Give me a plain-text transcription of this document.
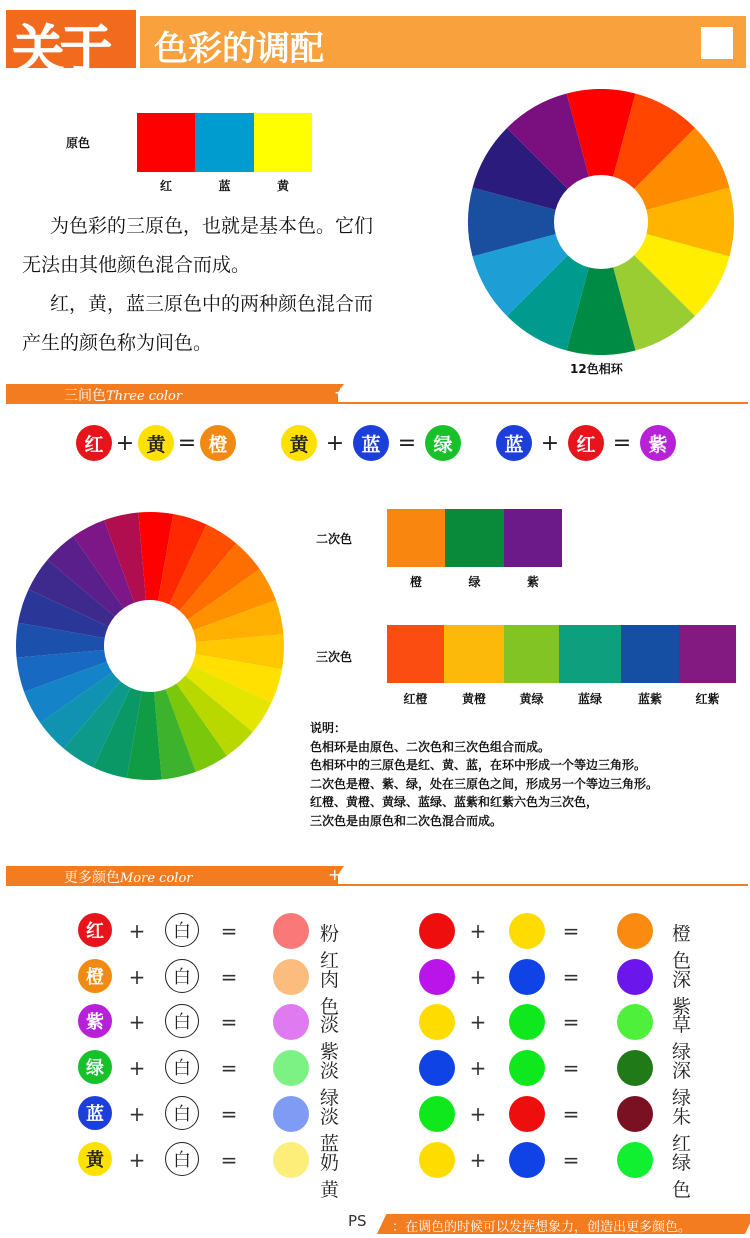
关于 色彩的调配
原色
红	蓝	黄
为色彩的三原色，也就是基本色。它们
无法由其他颜色混合而成。
红，黄，蓝三原色中的两种颜色混合而
产生的颜色称为间色。
12色相环
三间色Three color	+
红 + 黄 = 橙	黄 + 蓝 = 绿	蓝 + 红 = 紫
二次色
橙	绿	紫
三次色
红橙	黄橙	黄绿	蓝绿	蓝紫	红紫
说明：
色相环是由原色、二次色和三次色组合而成。
色相环中的三原色是红、黄、蓝，在环中形成一个等边三角形。
二次色是橙、紫、绿，处在三原色之间，形成另一个等边三角形。
红橙、黄橙、黄绿、蓝绿、蓝紫和红紫六色为三次色，
三次色是由原色和二次色混合而成。
更多颜色More color	+
红	+	白	=	粉红
橙	+	白	=	肉色
紫	+	白	=	淡紫
绿	+	白	=	淡绿
蓝	+	白	=	淡蓝
黄	+	白	=	奶黄
+	=	橙色
+	=	深紫
+	=	草绿
+	=	深绿
+	=	朱红
+	=	绿色
PS ：在调色的时候可以发挥想象力，创造出更多颜色。
